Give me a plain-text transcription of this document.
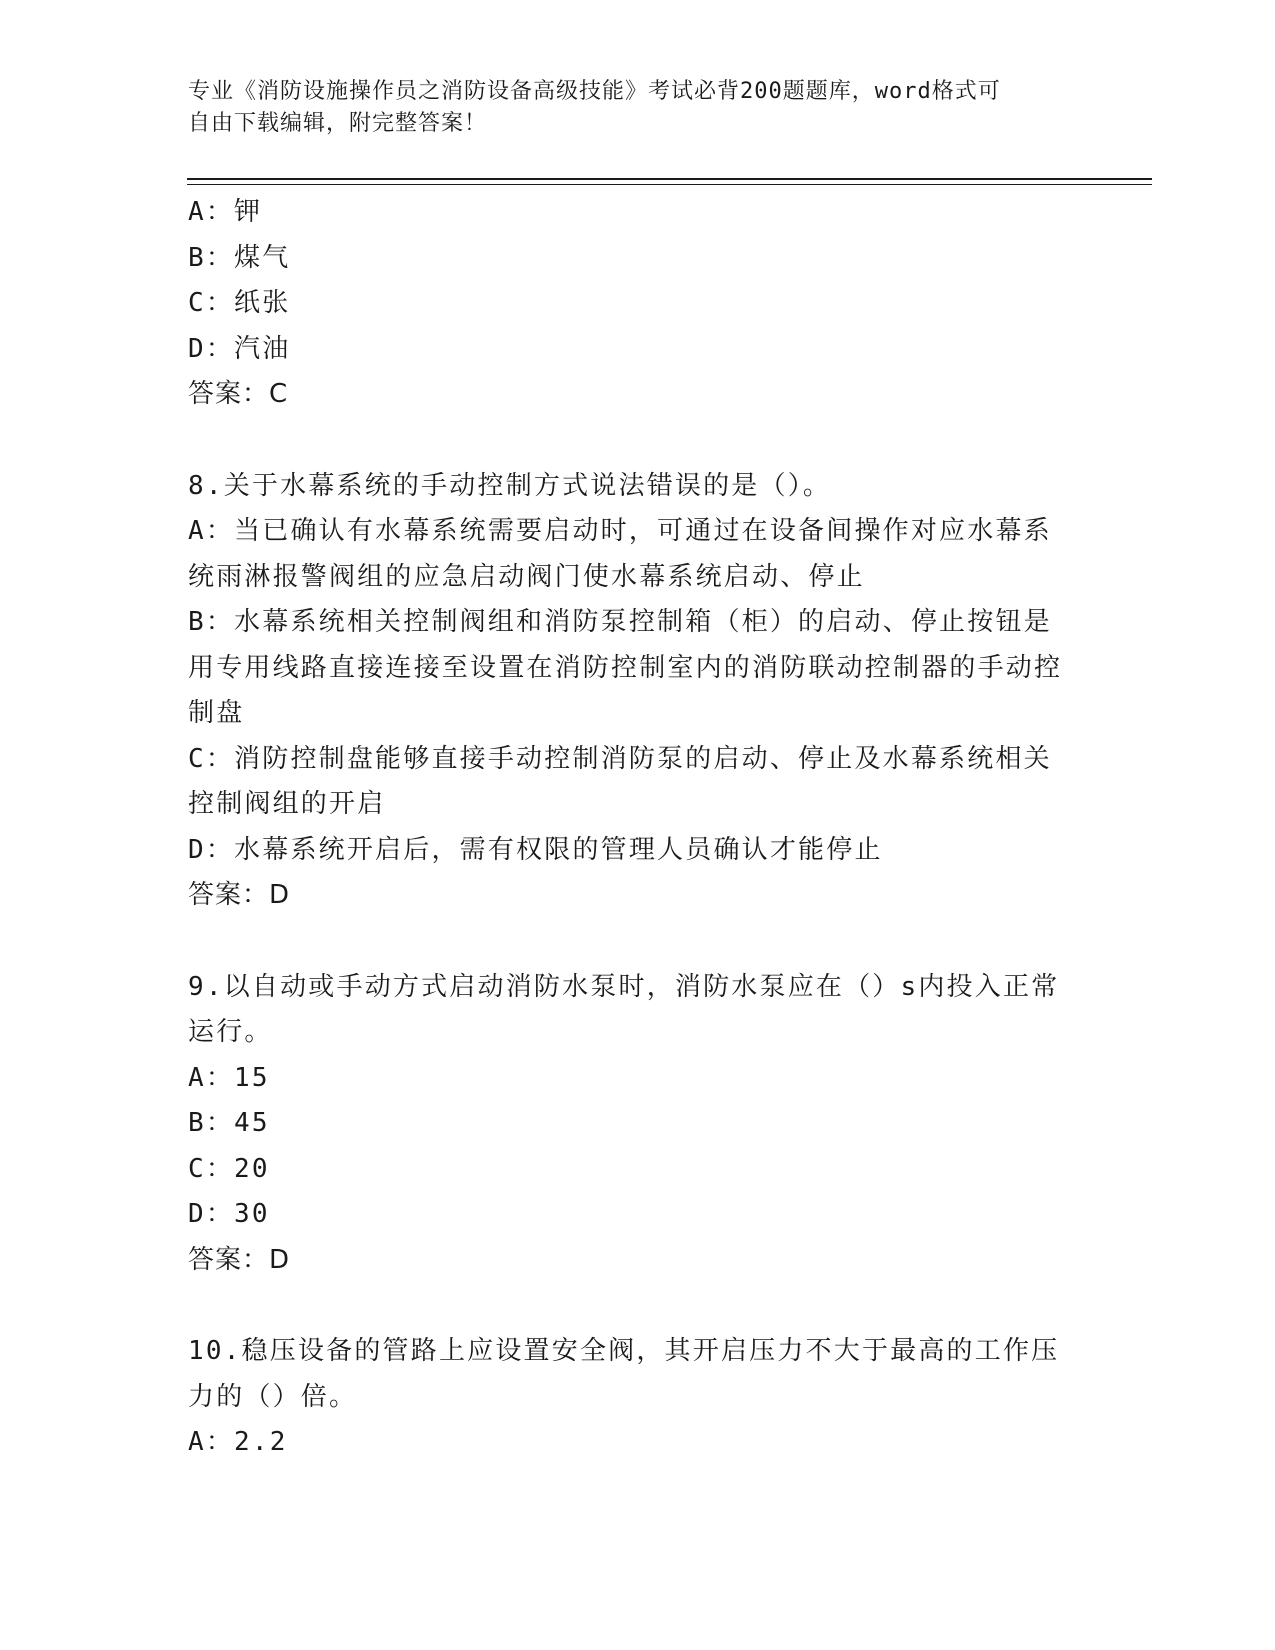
专业《消防设施操作员之消防设备高级技能》考试必背200题题库，word格式可
自由下载编辑，附完整答案！

A：钾

B：煤气

C：纸张

D：汽油

答案：C

8.关于水幕系统的手动控制方式说法错误的是（）。

A：当已确认有水幕系统需要启动时，可通过在设备间操作对应水幕系统雨淋报警阀组的应急启动阀门使水幕系统启动、停止

B：水幕系统相关控制阀组和消防泵控制箱（柜）的启动、停止按钮是用专用线路直接连接至设置在消防控制室内的消防联动控制器的手动控制盘

C：消防控制盘能够直接手动控制消防泵的启动、停止及水幕系统相关控制阀组的开启

D：水幕系统开启后，需有权限的管理人员确认才能停止

答案：D

9.以自动或手动方式启动消防水泵时，消防水泵应在（）s内投入正常运行。

A：15

B：45

C：20

D：30

答案：D

10.稳压设备的管路上应设置安全阀，其开启压力不大于最高的工作压力的（）倍。

A：2.2
